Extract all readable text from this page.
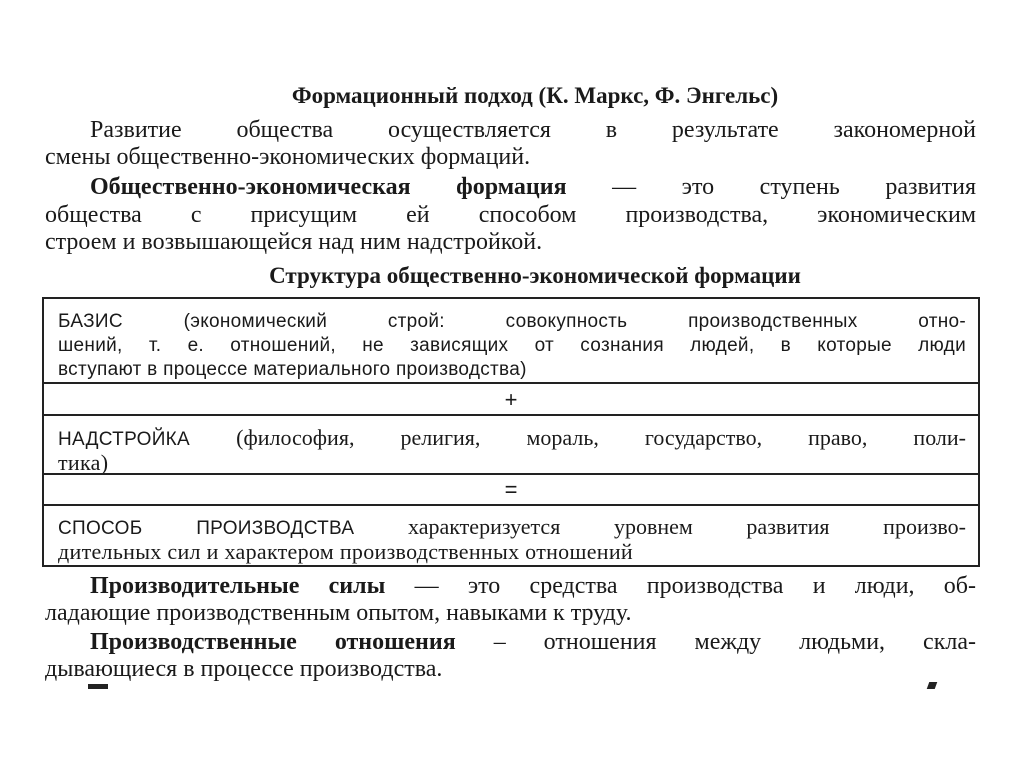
Формационный подход (К. Маркс, Ф. Энгельс)
Развитие общества осуществляется в результате закономерной
смены общественно-экономических формаций.
Общественно-экономическая формация — это ступень развития
общества с присущим ей способом производства, экономическим
строем и возвышающейся над ним надстройкой.
Структура общественно-экономической формации
БАЗИС (экономический строй: совокупность производственных отно-
шений, т. е. отношений, не зависящих от сознания людей, в которые люди
вступают в процессе материального производства)
+
НАДСТРОЙКА (философия, религия, мораль, государство, право, поли-
тика)
=
СПОСОБ ПРОИЗВОДСТВА характеризуется уровнем развития произво-
дительных сил и характером производственных отношений
Производительные силы — это средства производства и люди, об-
ладающие производственным опытом, навыками к труду.
Производственные отношения – отношения между людьми, скла-
дывающиеся в процессе производства.
